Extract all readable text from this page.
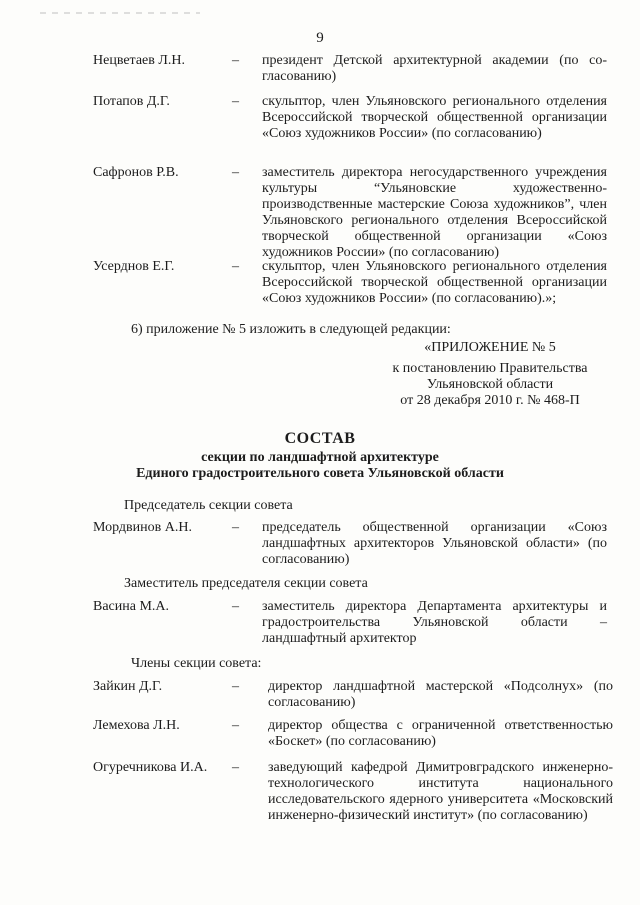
9
Нецветаев Л.Н.	– президент Детской архитектурной академии (по со-гласованию)
Потапов Д.Г.	– скульптор, член Ульяновского регионального отделения Всероссийской творческой общественной организации «Союз художников России» (по согласованию)
Сафронов Р.В.	– заместитель директора негосударственного учреждения культуры “Ульяновские художественно-производственные мастерские Союза художников”, член Ульяновского регионального отделения Всероссийской творческой общественной организации «Союз художников России» (по согласованию)
Усерднов Е.Г.	– скульптор, член Ульяновского регионального отделения Всероссийской творческой общественной организации «Союз художников России» (по согласованию).»;
6) приложение № 5 изложить в следующей редакции:
«ПРИЛОЖЕНИЕ № 5
к постановлению Правительства
Ульяновской области
от 28 декабря 2010 г. № 468-П
СОСТАВ
секции по ландшафтной архитектуре
Единого градостроительного совета Ульяновской области
Председатель секции совета
Мордвинов А.Н.	– председатель общественной организации «Союз ландшафтных архитекторов Ульяновской области» (по согласованию)
Заместитель председателя секции совета
Васина М.А.	– заместитель директора Департамента архитектуры и градостроительства Ульяновской области – ландшафтный архитектор
Члены секции совета:
Зайкин Д.Г.	– директор ландшафтной мастерской «Подсолнух» (по согласованию)
Лемехова Л.Н.	– директор общества с ограниченной ответственностью «Боскет» (по согласованию)
Огуречникова И.А. – заведующий кафедрой Димитровградского инженерно-технологического института национального исследовательского ядерного университета «Московский инженерно-физический институт» (по согласованию)
